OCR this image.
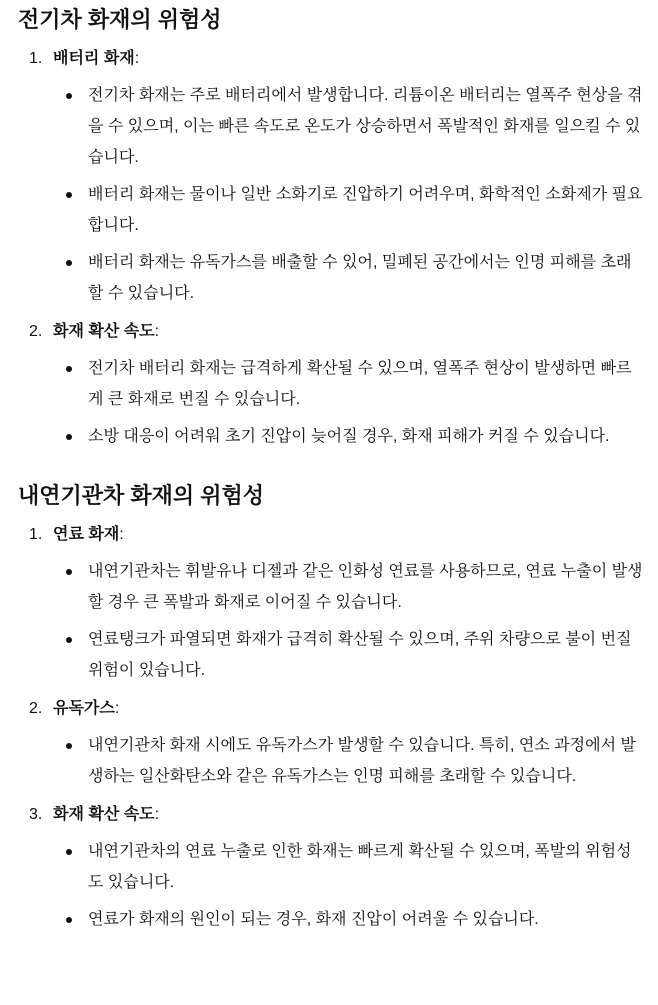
전기차 화재의 위험성
1. 배터리 화재 :
전기차 화재는 주로 배터리에서 발생합니다. 리튬이온 배터리는 열폭주 현상을 겪을 수 있으며, 이는 빠른 속도로 온도가 상승하면서 폭발적인 화재를 일으킬 수 있습니다.
배터리 화재는 물이나 일반 소화기로 진압하기 어려우며, 화학적인 소화제가 필요합니다.
배터리 화재는 유독가스를 배출할 수 있어, 밀폐된 공간에서는 인명 피해를 초래할 수 있습니다.
2. 화재 확산 속도 :
전기차 배터리 화재는 급격하게 확산될 수 있으며, 열폭주 현상이 발생하면 빠르게 큰 화재로 번질 수 있습니다.
소방 대응이 어려워 초기 진압이 늦어질 경우, 화재 피해가 커질 수 있습니다.
내연기관차 화재의 위험성
1. 연료 화재 :
내연기관차는 휘발유나 디젤과 같은 인화성 연료를 사용하므로, 연료 누출이 발생할 경우 큰 폭발과 화재로 이어질 수 있습니다.
연료탱크가 파열되면 화재가 급격히 확산될 수 있으며, 주위 차량으로 불이 번질 위험이 있습니다.
2. 유독가스 :
내연기관차 화재 시에도 유독가스가 발생할 수 있습니다. 특히, 연소 과정에서 발생하는 일산화탄소와 같은 유독가스는 인명 피해를 초래할 수 있습니다.
3. 화재 확산 속도 :
내연기관차의 연료 누출로 인한 화재는 빠르게 확산될 수 있으며, 폭발의 위험성도 있습니다.
연료가 화재의 원인이 되는 경우, 화재 진압이 어려울 수 있습니다.
